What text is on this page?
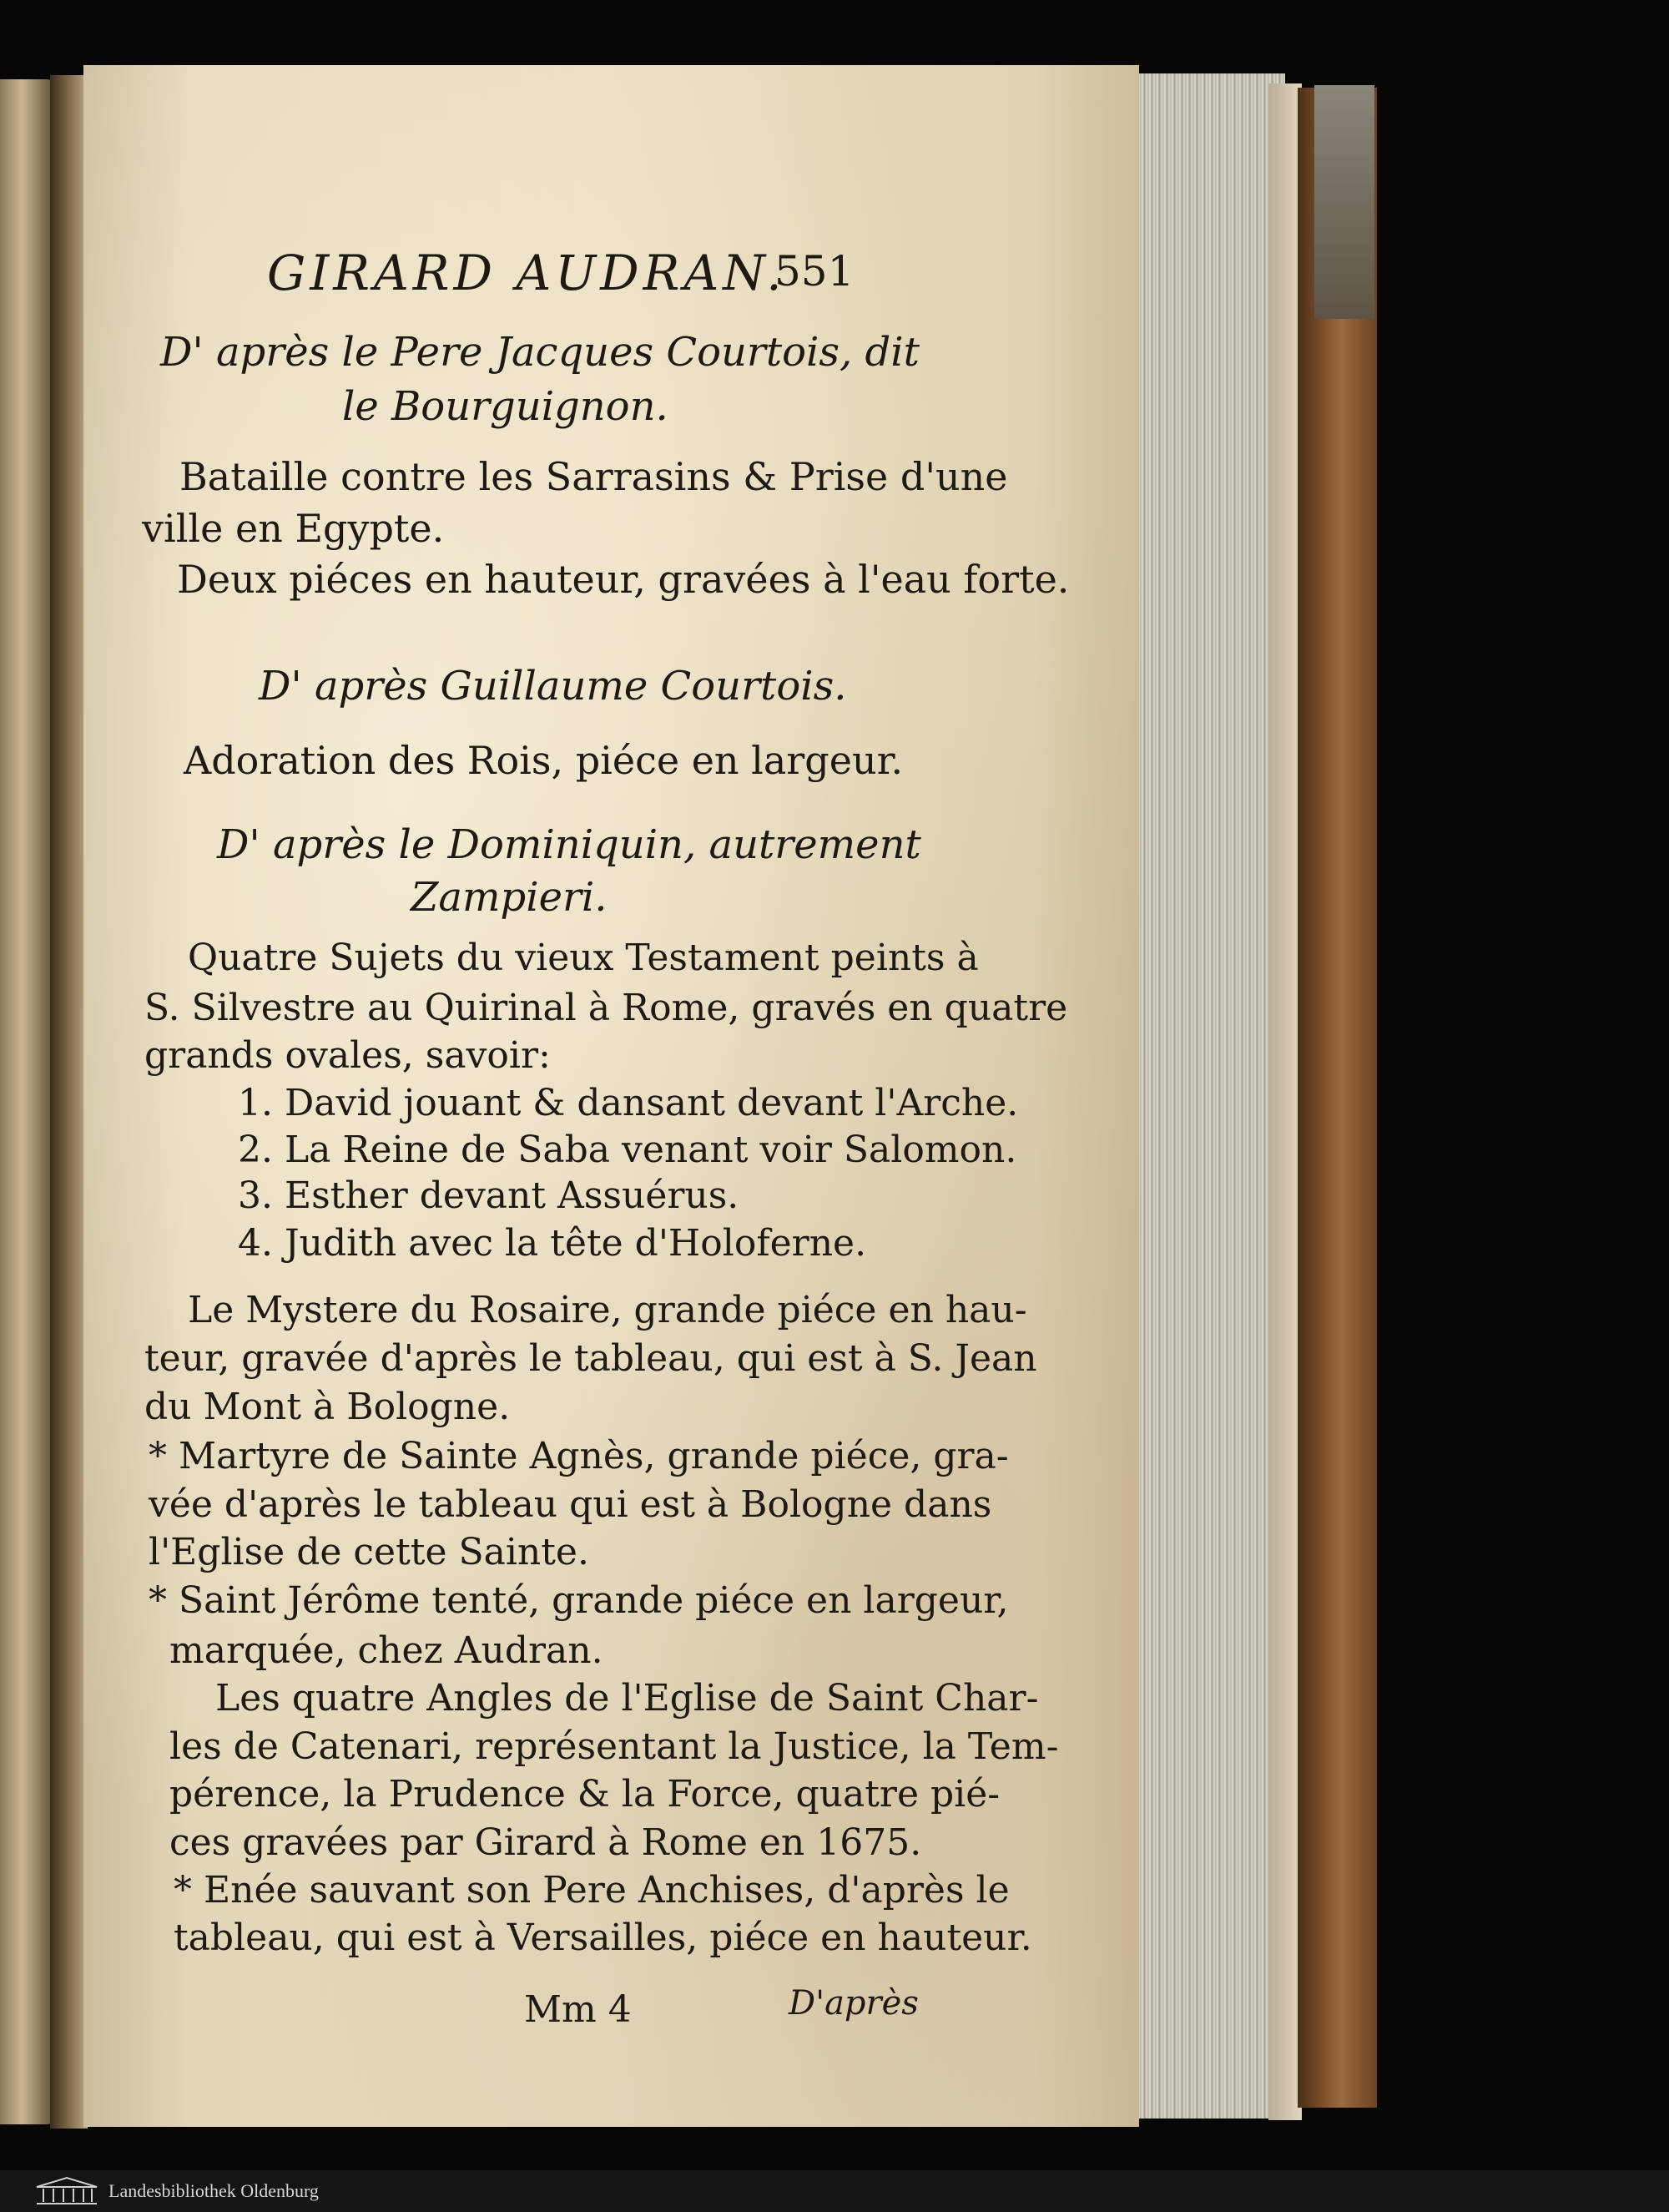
GIRARD AUDRAN.
551
D' après le Pere Jacques Courtois, dit
le Bourguignon.
Bataille contre les Sarrasins & Prise d'une
ville en Egypte.
Deux piéces en hauteur, gravées à l'eau forte.
D' après Guillaume Courtois.
Adoration des Rois, piéce en largeur.
D' après le Dominiquin, autrement
Zampieri.
Quatre Sujets du vieux Testament peints à
S. Silvestre au Quirinal à Rome, gravés en quatre
grands ovales, savoir:
1. David jouant & dansant devant l'Arche.
2. La Reine de Saba venant voir Salomon.
3. Esther devant Assuérus.
4. Judith avec la tête d'Holoferne.
Le Mystere du Rosaire, grande piéce en hau-
teur, gravée d'après le tableau, qui est à S. Jean
du Mont à Bologne.
* Martyre de Sainte Agnès, grande piéce, gra-
vée d'après le tableau qui est à Bologne dans
l'Eglise de cette Sainte.
* Saint Jérôme tenté, grande piéce en largeur,
marquée, chez Audran.
Les quatre Angles de l'Eglise de Saint Char-
les de Catenari, représentant la Justice, la Tem-
pérence, la Prudence & la Force, quatre pié-
ces gravées par Girard à Rome en 1675.
* Enée sauvant son Pere Anchises, d'après le
tableau, qui est à Versailles, piéce en hauteur.
Mm 4	D'après
Landesbibliothek Oldenburg
